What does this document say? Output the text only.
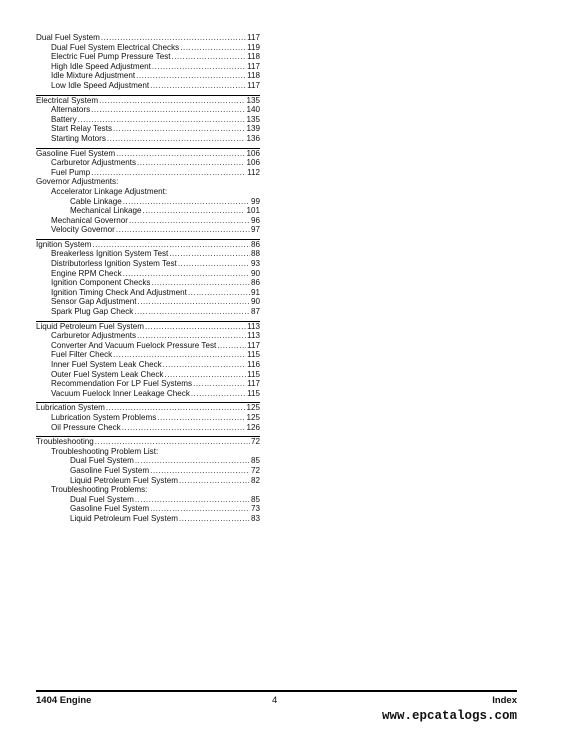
Dual Fuel System .....	117
Dual Fuel System Electrical Checks .....	119
Electric Fuel Pump Pressure Test .....	118
High Idle Speed Adjustment .....	117
Idle Mixture Adjustment .....	118
Low Idle Speed Adjustment .....	117
Electrical System .....	135
Alternators .....	140
Battery .....	135
Start Relay Tests .....	139
Starting Motors .....	136
Gasoline Fuel System .....	106
Carburetor Adjustments .....	106
Fuel Pump .....	112
Governor Adjustments:
Accelerator Linkage Adjustment:
Cable Linkage .....	99
Mechanical Linkage .....	101
Mechanical Governor .....	96
Velocity Governor .....	97
Ignition System .....	86
Breakerless Ignition System Test .....	88
Distributorless Ignition System Test .....	93
Engine RPM Check .....	90
Ignition Component Checks .....	86
Ignition Timing Check And Adjustment .....	91
Sensor Gap Adjustment .....	90
Spark Plug Gap Check .....	87
Liquid Petroleum Fuel System .....	113
Carburetor Adjustments .....	113
Converter And Vacuum Fuelock Pressure Test .....	117
Fuel Filter Check .....	115
Inner Fuel System Leak Check .....	116
Outer Fuel System Leak Check .....	115
Recommendation For LP Fuel Systems .....	117
Vacuum Fuelock Inner Leakage Check .....	115
Lubrication System .....	125
Lubrication System Problems .....	125
Oil Pressure Check .....	126
Troubleshooting .....	72
Troubleshooting Problem List:
Dual Fuel System .....	85
Gasoline Fuel System .....	72
Liquid Petroleum Fuel System .....	82
Troubleshooting Problems:
Dual Fuel System .....	85
Gasoline Fuel System .....	73
Liquid Petroleum Fuel System .....	83
1404 Engine	4	Index
www.epcatalogs.com
